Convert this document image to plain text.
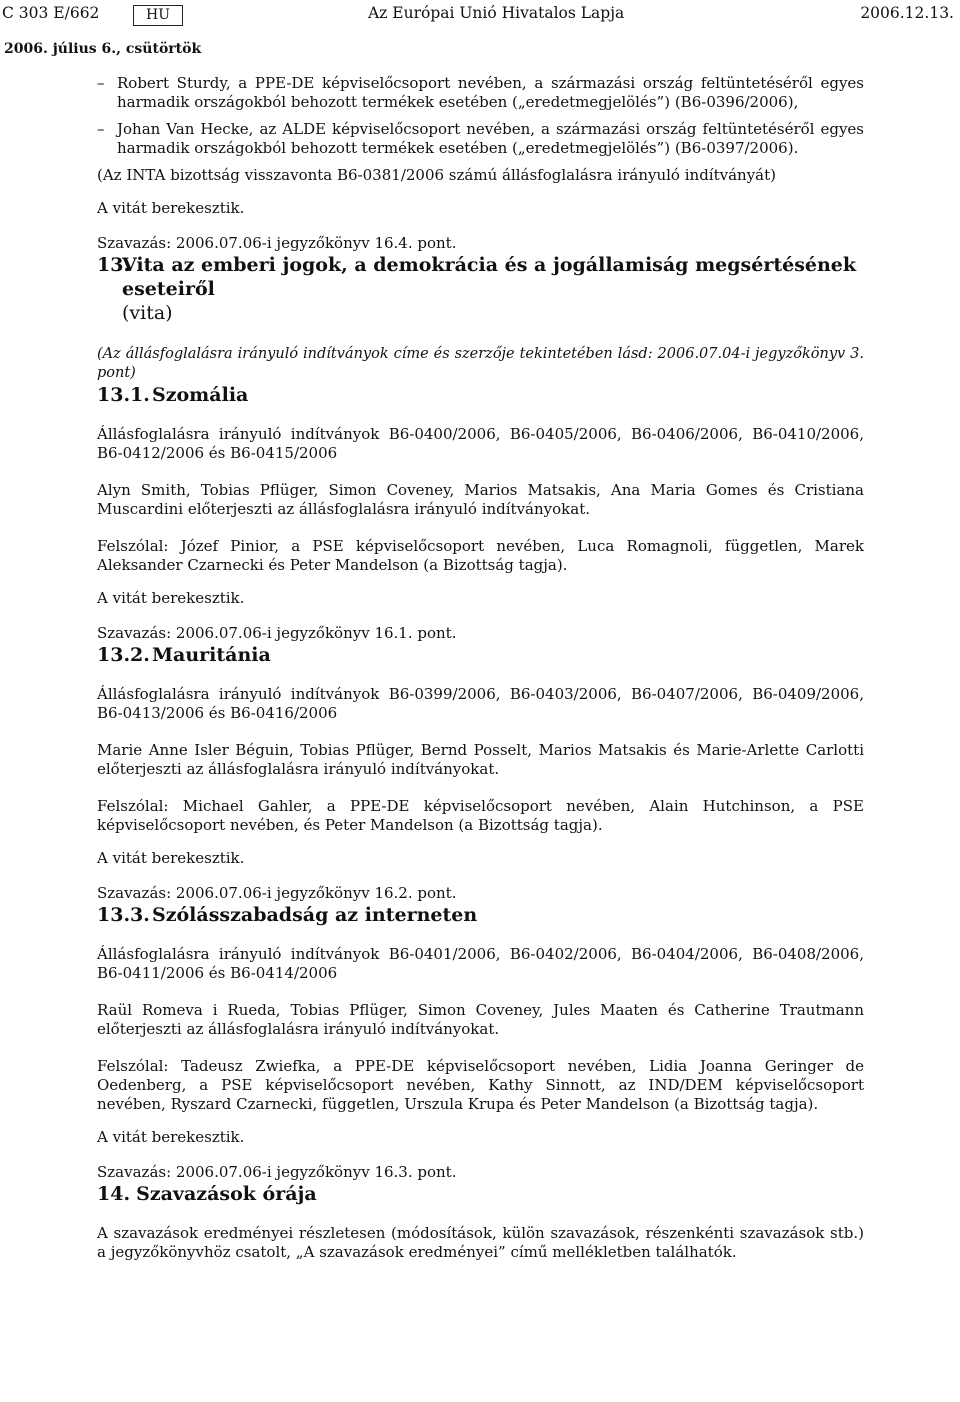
C 303 E/662	HU	Az Európai Unió Hivatalos Lapja	2006.12.13.
2006. július 6., csütörtök
– Robert Sturdy, a PPE-DE képviselőcsoport nevében, a származási ország feltüntetéséről egyes harmadik országokból behozott termékek esetében („eredetmegjelölés”) (B6-0396/2006),
– Johan Van Hecke, az ALDE képviselőcsoport nevében, a származási ország feltüntetéséről egyes harmadik országokból behozott termékek esetében („eredetmegjelölés”) (B6-0397/2006).

(Az INTA bizottság visszavonta B6-0381/2006 számú állásfoglalásra irányuló indítványát)

A vitát berekesztik.

Szavazás: 2006.07.06-i jegyzőkönyv 16.4. pont.

13.
Vita az emberi jogok, a demokrácia és a jogállamiság megsértésének eseteiről
(vita)

(Az állásfoglalásra irányuló indítványok címe és szerzője tekintetében lásd: 2006.07.04-i jegyzőkönyv 3. pont)

13.1. Szomália

Állásfoglalásra irányuló indítványok B6-0400/2006, B6-0405/2006, B6-0406/2006, B6-0410/2006, B6-0412/2006 és B6-0415/2006

Alyn Smith, Tobias Pflüger, Simon Coveney, Marios Matsakis, Ana Maria Gomes és Cristiana Muscardini előterjeszti az állásfoglalásra irányuló indítványokat.

Felszólal: Józef Pinior, a PSE képviselőcsoport nevében, Luca Romagnoli, független, Marek Aleksander Czarnecki és Peter Mandelson (a Bizottság tagja).

A vitát berekesztik.

Szavazás: 2006.07.06-i jegyzőkönyv 16.1. pont.

13.2. Mauritánia

Állásfoglalásra irányuló indítványok B6-0399/2006, B6-0403/2006, B6-0407/2006, B6-0409/2006, B6-0413/2006 és B6-0416/2006

Marie Anne Isler Béguin, Tobias Pflüger, Bernd Posselt, Marios Matsakis és Marie-Arlette Carlotti előterjeszti az állásfoglalásra irányuló indítványokat.

Felszólal: Michael Gahler, a PPE-DE képviselőcsoport nevében, Alain Hutchinson, a PSE képviselőcsoport nevében, és Peter Mandelson (a Bizottság tagja).

A vitát berekesztik.

Szavazás: 2006.07.06-i jegyzőkönyv 16.2. pont.

13.3. Szólásszabadság az interneten

Állásfoglalásra irányuló indítványok B6-0401/2006, B6-0402/2006, B6-0404/2006, B6-0408/2006, B6-0411/2006 és B6-0414/2006

Raül Romeva i Rueda, Tobias Pflüger, Simon Coveney, Jules Maaten és Catherine Trautmann előterjeszti az állásfoglalásra irányuló indítványokat.

Felszólal: Tadeusz Zwiefka, a PPE-DE képviselőcsoport nevében, Lidia Joanna Geringer de Oedenberg, a PSE képviselőcsoport nevében, Kathy Sinnott, az IND/DEM képviselőcsoport nevében, Ryszard Czarnecki, független, Urszula Krupa és Peter Mandelson (a Bizottság tagja).

A vitát berekesztik.

Szavazás: 2006.07.06-i jegyzőkönyv 16.3. pont.

14. Szavazások órája

A szavazások eredményei részletesen (módosítások, külön szavazások, részenkénti szavazások stb.) a jegyzőkönyvhöz csatolt, „A szavazások eredményei” című mellékletben találhatók.
